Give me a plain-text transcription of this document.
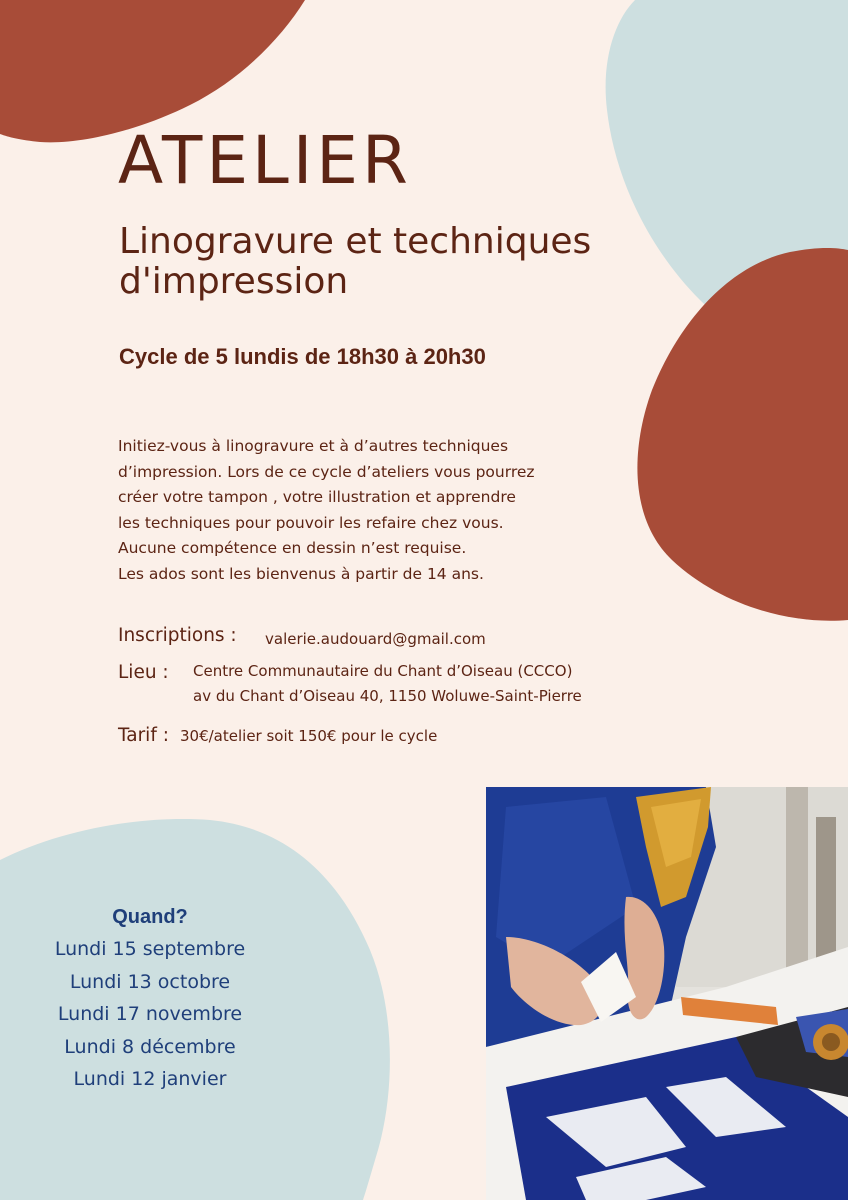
ATELIER
Linogravure et techniques
d'impression
Cycle de 5 lundis de 18h30 à 20h30
Initiez-vous à linogravure et à d’autres techniques
d’impression. Lors de ce cycle d’ateliers vous pourrez
créer votre tampon , votre illustration et apprendre
les techniques pour pouvoir les refaire chez vous.
Aucune compétence en dessin n’est requise.
Les ados sont les bienvenus à partir de 14 ans.
Inscriptions : valerie.audouard@gmail.com
Lieu : Centre Communautaire du Chant d’Oiseau (CCCO)
av du Chant d’Oiseau 40, 1150 Woluwe-Saint-Pierre
Tarif : 30€/atelier soit 150€ pour le cycle
Quand?
Lundi 15 septembre
Lundi 13 octobre
Lundi 17 novembre
Lundi 8 décembre
Lundi 12 janvier
